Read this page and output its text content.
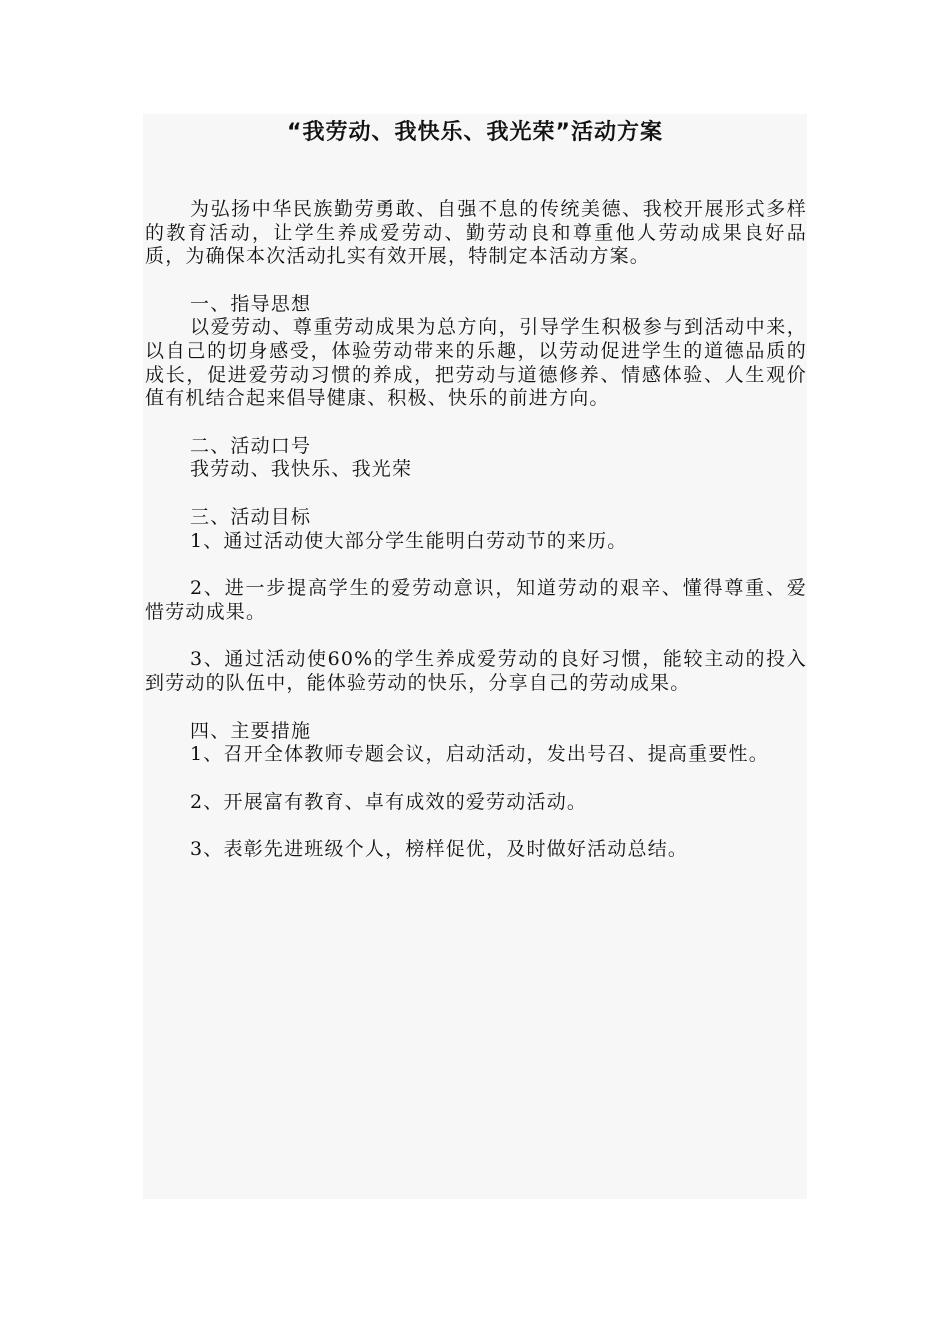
“我劳动、我快乐、我光荣”活动方案

为弘扬中华民族勤劳勇敢、自强不息的传统美德、我校开展形式多样的教育活动，让学生养成爱劳动、勤劳动良和尊重他人劳动成果良好品质，为确保本次活动扎实有效开展，特制定本活动方案。

一、指导思想

以爱劳动、尊重劳动成果为总方向，引导学生积极参与到活动中来，以自己的切身感受，体验劳动带来的乐趣，以劳动促进学生的道德品质的成长，促进爱劳动习惯的养成，把劳动与道德修养、情感体验、人生观价值有机结合起来倡导健康、积极、快乐的前进方向。

二、活动口号

我劳动、我快乐、我光荣

三、活动目标

1、通过活动使大部分学生能明白劳动节的来历。

2、进一步提高学生的爱劳动意识，知道劳动的艰辛、懂得尊重、爱惜劳动成果。

3、通过活动使60%的学生养成爱劳动的良好习惯，能较主动的投入到劳动的队伍中，能体验劳动的快乐，分享自己的劳动成果。

四、主要措施

1、召开全体教师专题会议，启动活动，发出号召、提高重要性。

2、开展富有教育、卓有成效的爱劳动活动。

3、表彰先进班级个人，榜样促优，及时做好活动总结。
